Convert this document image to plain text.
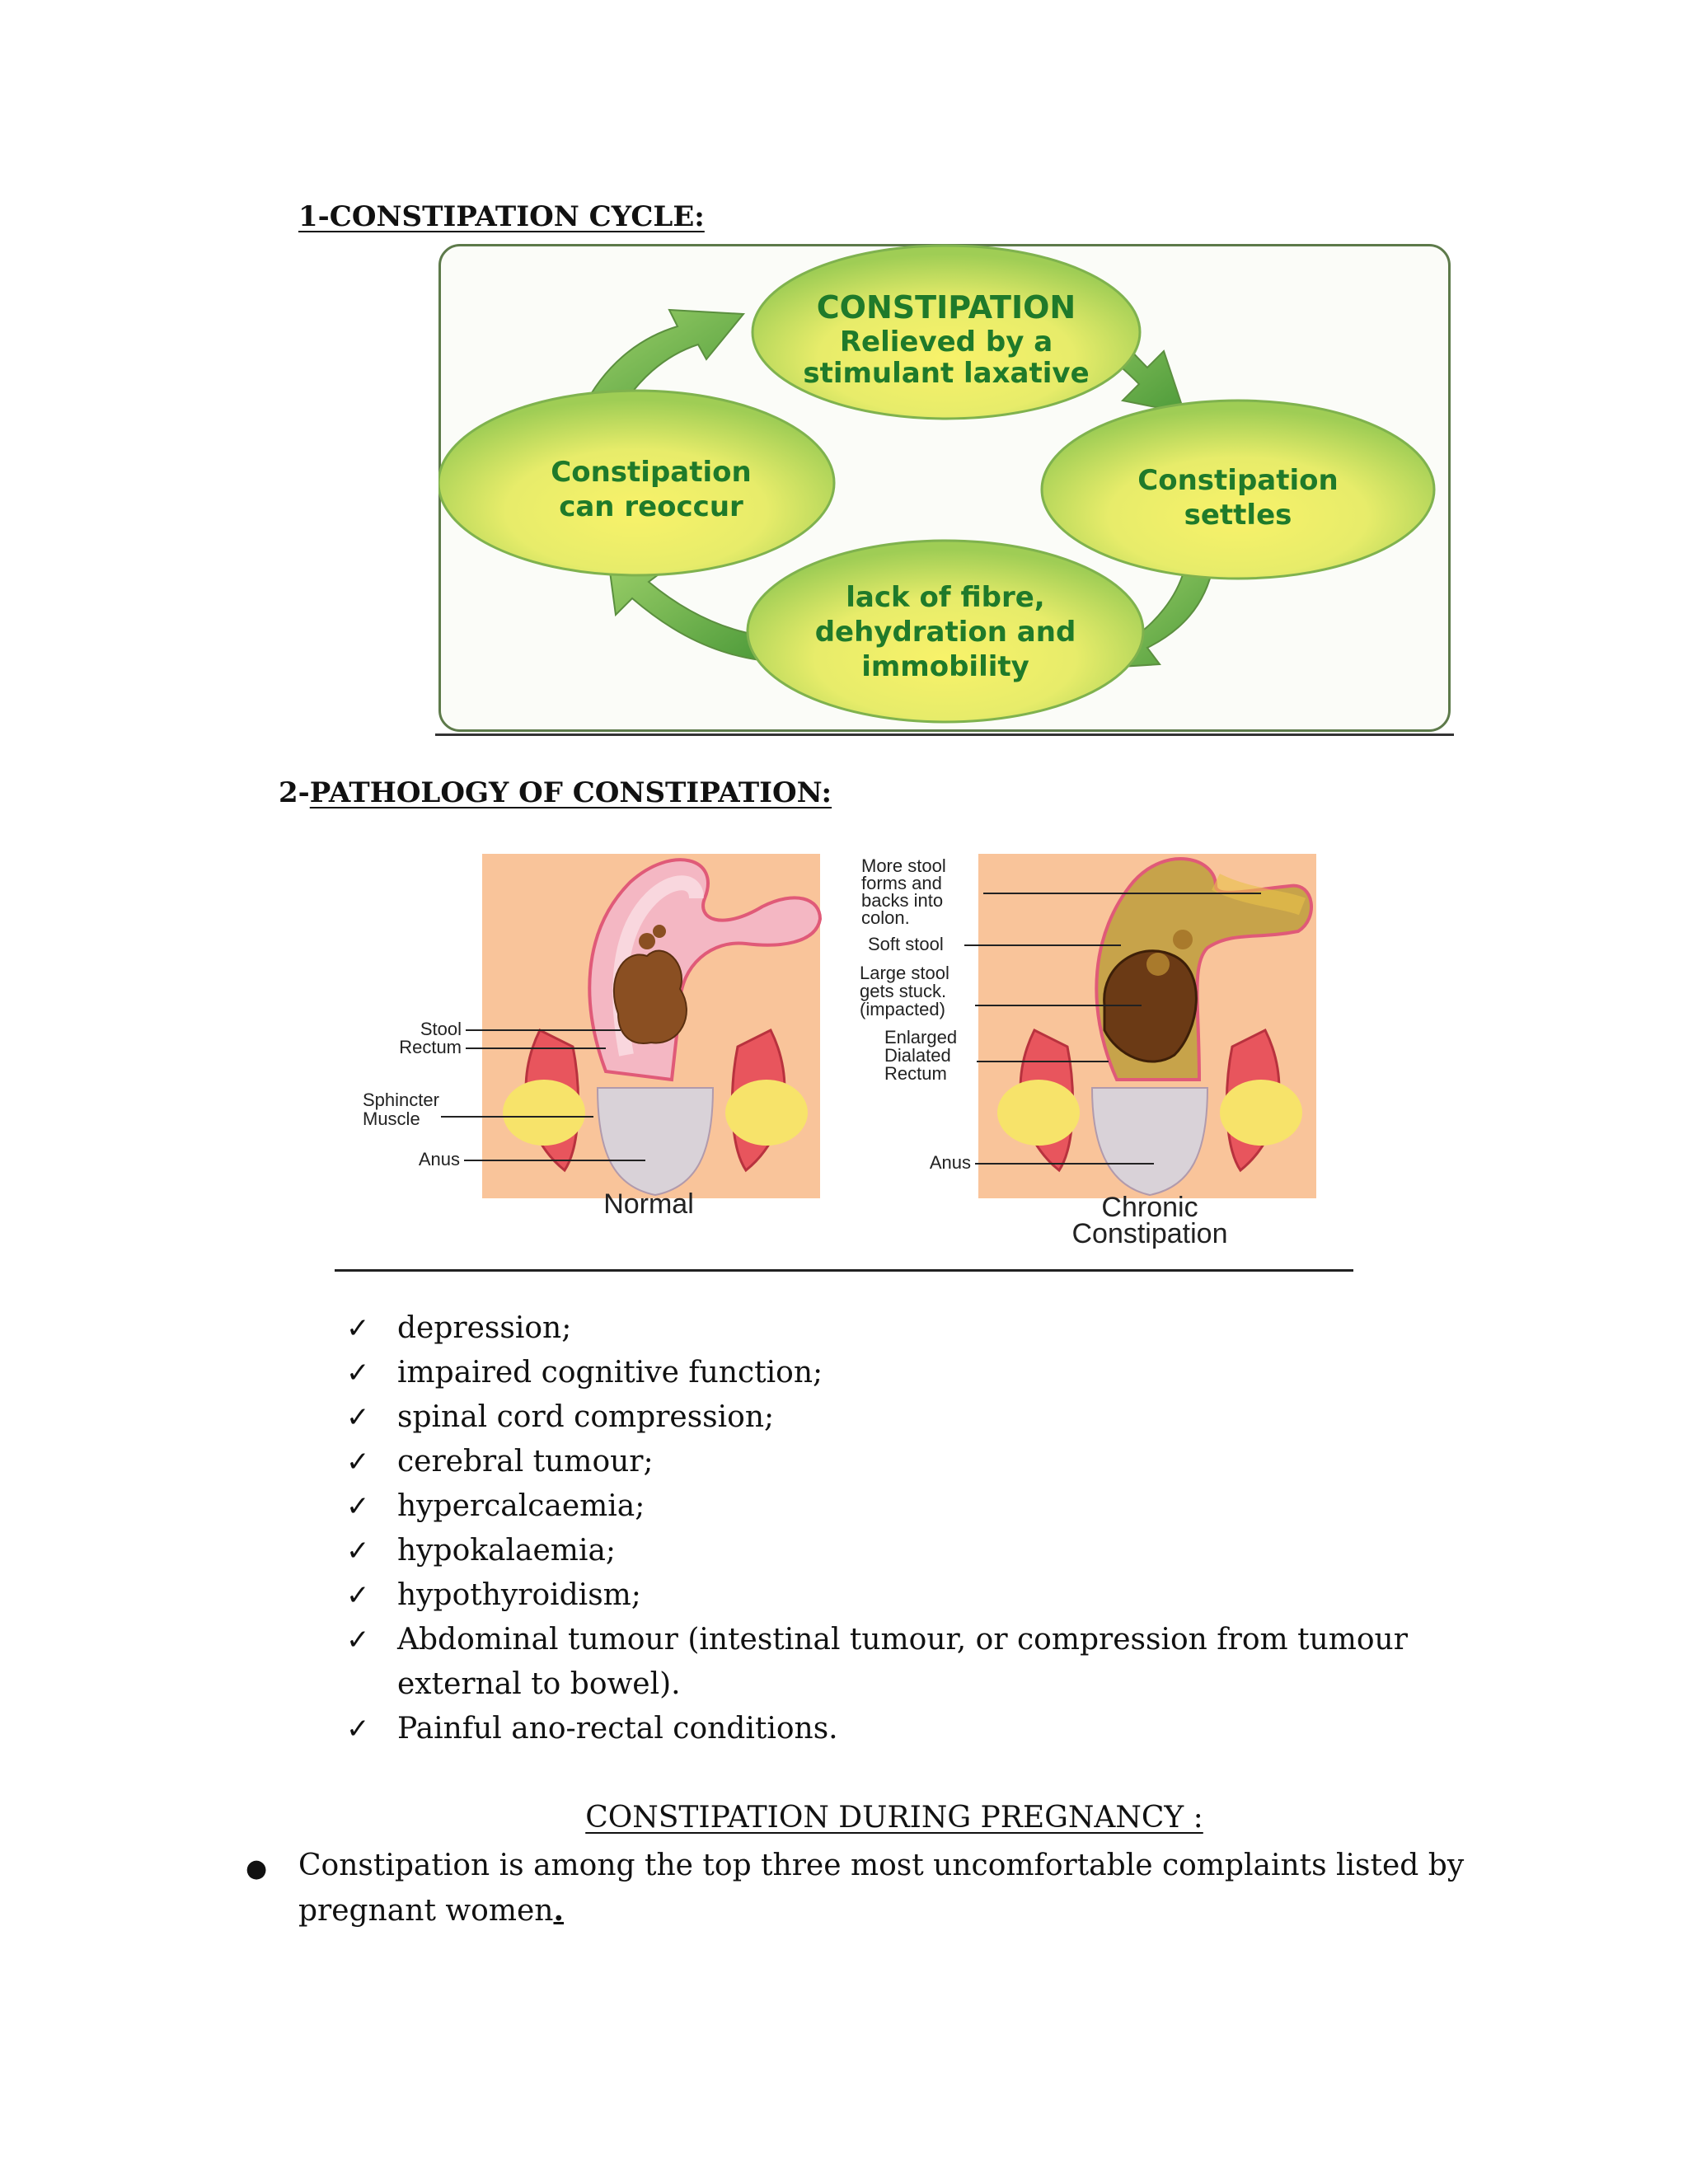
1-CONSTIPATION CYCLE:
CONSTIPATION
Relieved by a
stimulant laxative
Constipation
settles
lack of fibre,
dehydration and
immobility
Constipation
can reoccur
2-PATHOLOGY OF CONSTIPATION:
Stool
Rectum
Sphincter
Muscle
Anus
Normal
More stool
forms and
backs into
colon.
Soft stool
Large stool
gets stuck.
(impacted)
Enlarged
Dialated
Rectum
Anus
Chronic
Constipation
✓ depression;
✓ impaired cognitive function;
✓ spinal cord compression;
✓ cerebral tumour;
✓ hypercalcaemia;
✓ hypokalaemia;
✓ hypothyroidism;
✓ Abdominal tumour (intestinal tumour, or compression from tumour external to bowel).
✓ Painful ano-rectal conditions.
CONSTIPATION DURING PREGNANCY :
● Constipation is among the top three most uncomfortable complaints listed by pregnant women.
